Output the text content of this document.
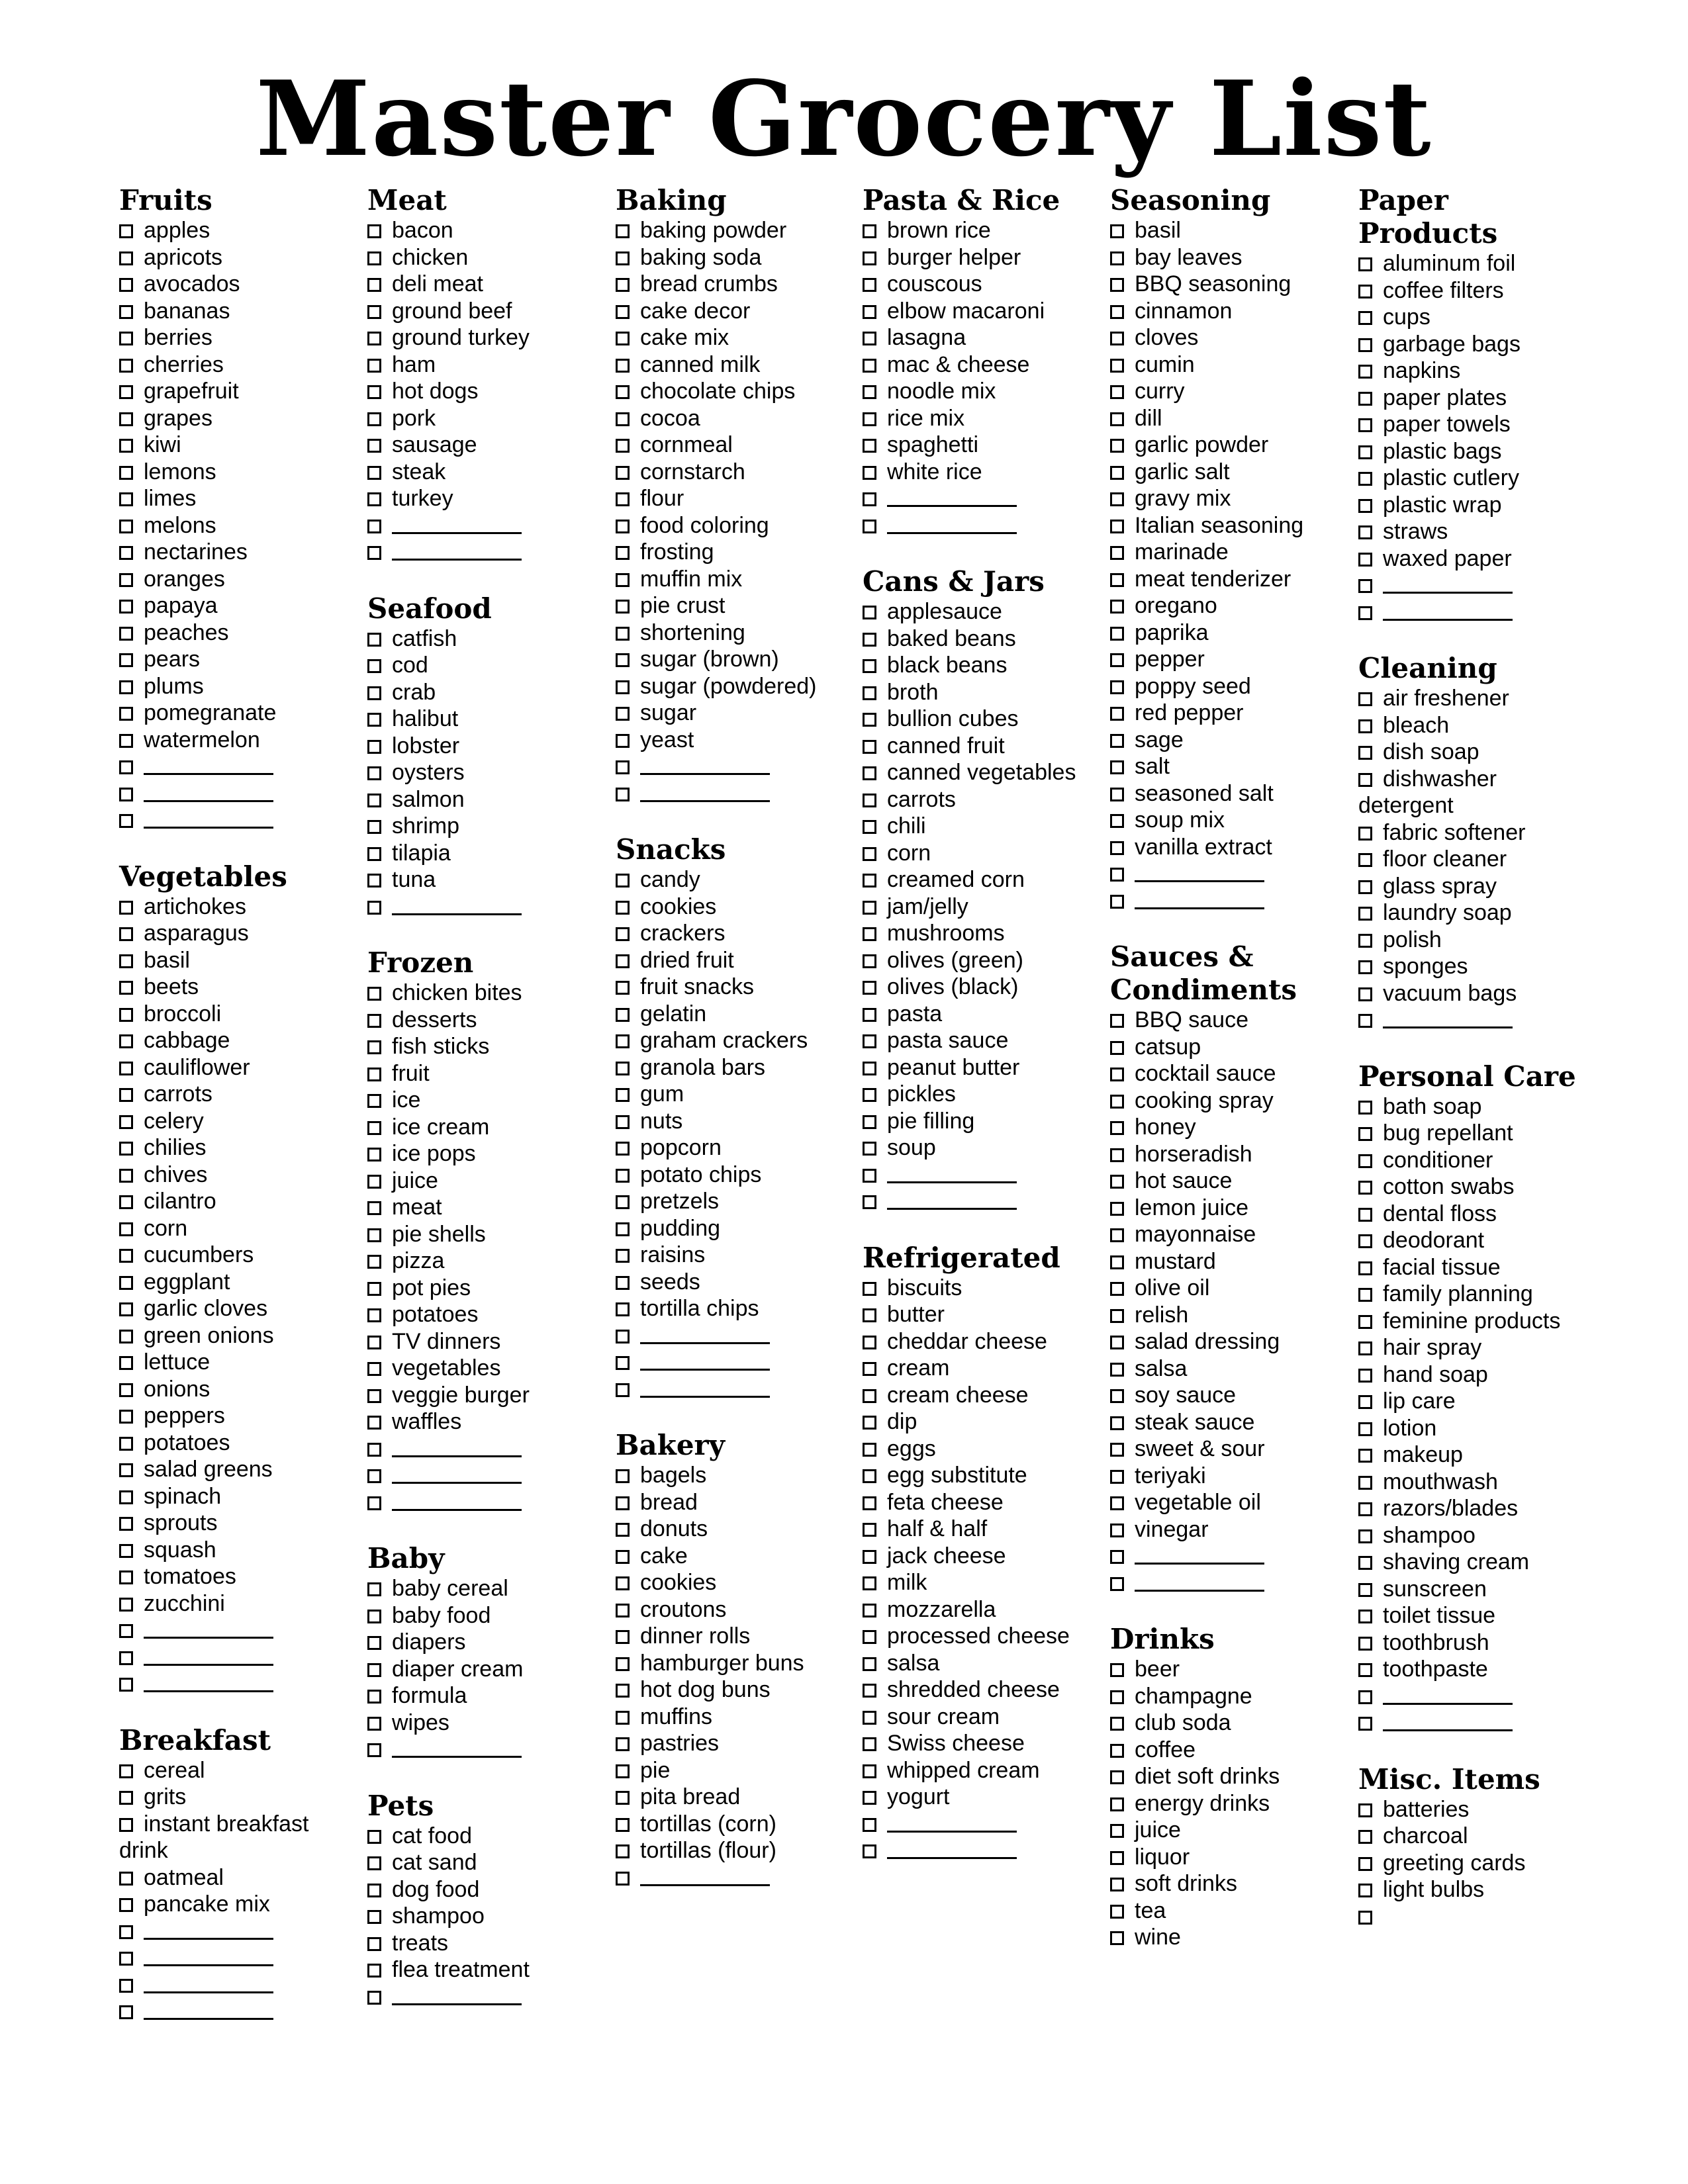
Master Grocery List
Fruits
apples
apricots
avocados
bananas
berries
cherries
grapefruit
grapes
kiwi
lemons
limes
melons
nectarines
oranges
papaya
peaches
pears
plums
pomegranate
watermelon
Vegetables
artichokes
asparagus
basil
beets
broccoli
cabbage
cauliflower
carrots
celery
chilies
chives
cilantro
corn
cucumbers
eggplant
garlic cloves
green onions
lettuce
onions
peppers
potatoes
salad greens
spinach
sprouts
squash
tomatoes
zucchini
Breakfast
cereal
grits
instant breakfast drink
oatmeal
pancake mix
Meat
bacon
chicken
deli meat
ground beef
ground turkey
ham
hot dogs
pork
sausage
steak
turkey
Seafood
catfish
cod
crab
halibut
lobster
oysters
salmon
shrimp
tilapia
tuna
Frozen
chicken bites
desserts
fish sticks
fruit
ice
ice cream
ice pops
juice
meat
pie shells
pizza
pot pies
potatoes
TV dinners
vegetables
veggie burger
waffles
Baby
baby cereal
baby food
diapers
diaper cream
formula
wipes
Pets
cat food
cat sand
dog food
shampoo
treats
flea treatment
Baking
baking powder
baking soda
bread crumbs
cake decor
cake mix
canned milk
chocolate chips
cocoa
cornmeal
cornstarch
flour
food coloring
frosting
muffin mix
pie crust
shortening
sugar (brown)
sugar (powdered)
sugar
yeast
Snacks
candy
cookies
crackers
dried fruit
fruit snacks
gelatin
graham crackers
granola bars
gum
nuts
popcorn
potato chips
pretzels
pudding
raisins
seeds
tortilla chips
Bakery
bagels
bread
donuts
cake
cookies
croutons
dinner rolls
hamburger buns
hot dog buns
muffins
pastries
pie
pita bread
tortillas (corn)
tortillas (flour)
Pasta & Rice
brown rice
burger helper
couscous
elbow macaroni
lasagna
mac & cheese
noodle mix
rice mix
spaghetti
white rice
Cans & Jars
applesauce
baked beans
black beans
broth
bullion cubes
canned fruit
canned vegetables
carrots
chili
corn
creamed corn
jam/jelly
mushrooms
olives (green)
olives (black)
pasta
pasta sauce
peanut butter
pickles
pie filling
soup
Refrigerated
biscuits
butter
cheddar cheese
cream
cream cheese
dip
eggs
egg substitute
feta cheese
half & half
jack cheese
milk
mozzarella
processed cheese
salsa
shredded cheese
sour cream
Swiss cheese
whipped cream
yogurt
Seasoning
basil
bay leaves
BBQ seasoning
cinnamon
cloves
cumin
curry
dill
garlic powder
garlic salt
gravy mix
Italian seasoning
marinade
meat tenderizer
oregano
paprika
pepper
poppy seed
red pepper
sage
salt
seasoned salt
soup mix
vanilla extract
Sauces & Condiments
BBQ sauce
catsup
cocktail sauce
cooking spray
honey
horseradish
hot sauce
lemon juice
mayonnaise
mustard
olive oil
relish
salad dressing
salsa
soy sauce
steak sauce
sweet & sour
teriyaki
vegetable oil
vinegar
Drinks
beer
champagne
club soda
coffee
diet soft drinks
energy drinks
juice
liquor
soft drinks
tea
wine
Paper Products
aluminum foil
coffee filters
cups
garbage bags
napkins
paper plates
paper towels
plastic bags
plastic cutlery
plastic wrap
straws
waxed paper
Cleaning
air freshener
bleach
dish soap
dishwasher detergent
fabric softener
floor cleaner
glass spray
laundry soap
polish
sponges
vacuum bags
Personal Care
bath soap
bug repellant
conditioner
cotton swabs
dental floss
deodorant
facial tissue
family planning
feminine products
hair spray
hand soap
lip care
lotion
makeup
mouthwash
razors/blades
shampoo
shaving cream
sunscreen
toilet tissue
toothbrush
toothpaste
Misc. Items
batteries
charcoal
greeting cards
light bulbs
